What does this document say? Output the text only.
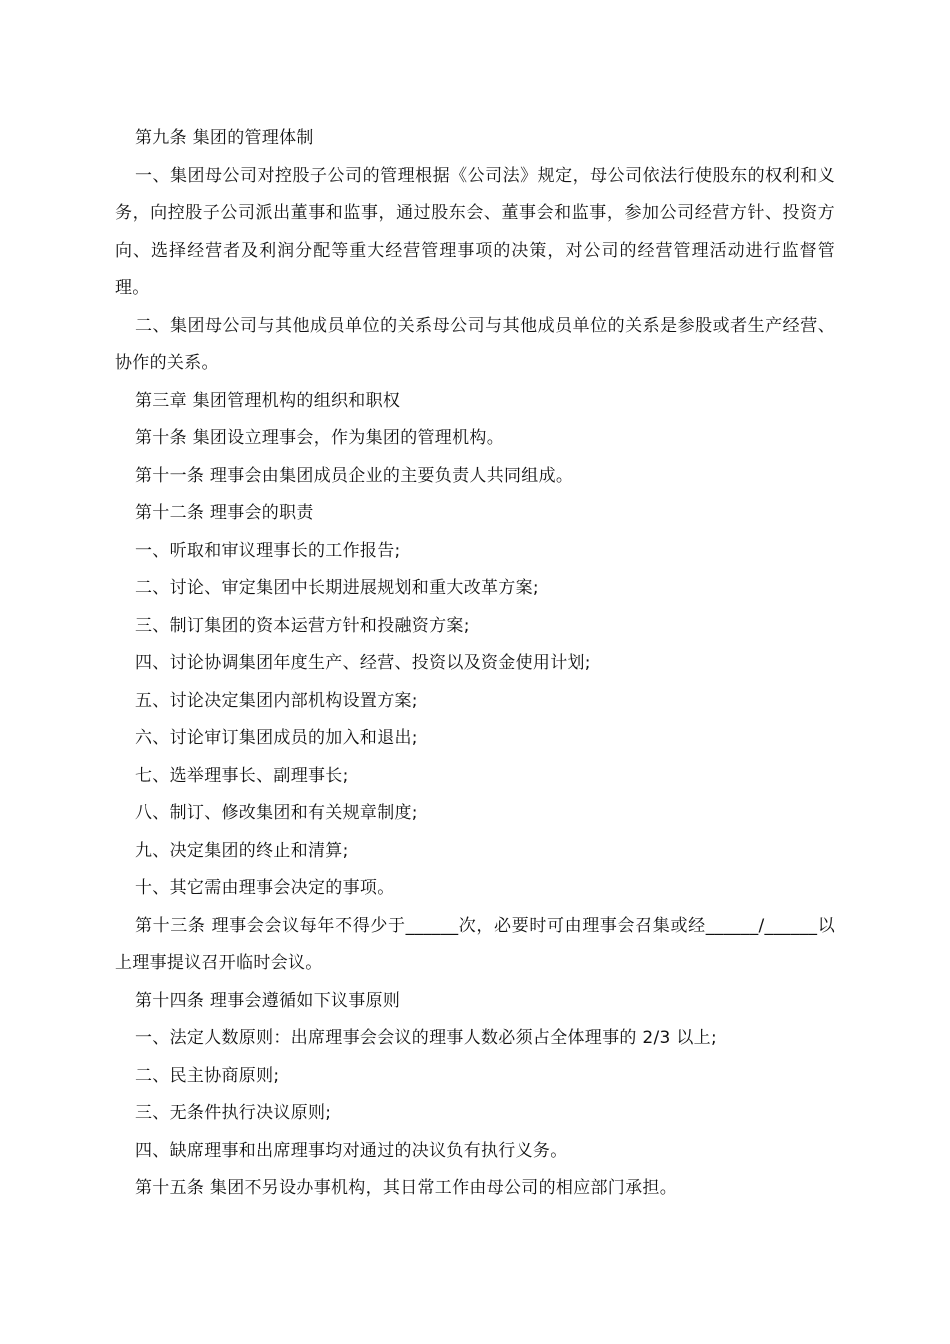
第九条 集团的管理体制

一、集团母公司对控股子公司的管理根据《公司法》规定，母公司依法行使股东的权利和义务，向控股子公司派出董事和监事，通过股东会、董事会和监事，参加公司经营方针、投资方向、选择经营者及利润分配等重大经营管理事项的决策，对公司的经营管理活动进行监督管理。

二、集团母公司与其他成员单位的关系母公司与其他成员单位的关系是参股或者生产经营、协作的关系。

第三章 集团管理机构的组织和职权

第十条 集团设立理事会，作为集团的管理机构。

第十一条 理事会由集团成员企业的主要负责人共同组成。

第十二条 理事会的职责

一、听取和审议理事长的工作报告;

二、讨论、审定集团中长期进展规划和重大改革方案;

三、制订集团的资本运营方针和投融资方案;

四、讨论协调集团年度生产、经营、投资以及资金使用计划;

五、讨论决定集团内部机构设置方案;

六、讨论审订集团成员的加入和退出;

七、选举理事长、副理事长;

八、制订、修改集团和有关规章制度;

九、决定集团的终止和清算;

十、其它需由理事会决定的事项。

第十三条 理事会会议每年不得少于______次，必要时可由理事会召集或经______/______以上理事提议召开临时会议。

第十四条 理事会遵循如下议事原则

一、法定人数原则：出席理事会会议的理事人数必须占全体理事的 2/3 以上;

二、民主协商原则;

三、无条件执行决议原则;

四、缺席理事和出席理事均对通过的决议负有执行义务。

第十五条 集团不另设办事机构，其日常工作由母公司的相应部门承担。
